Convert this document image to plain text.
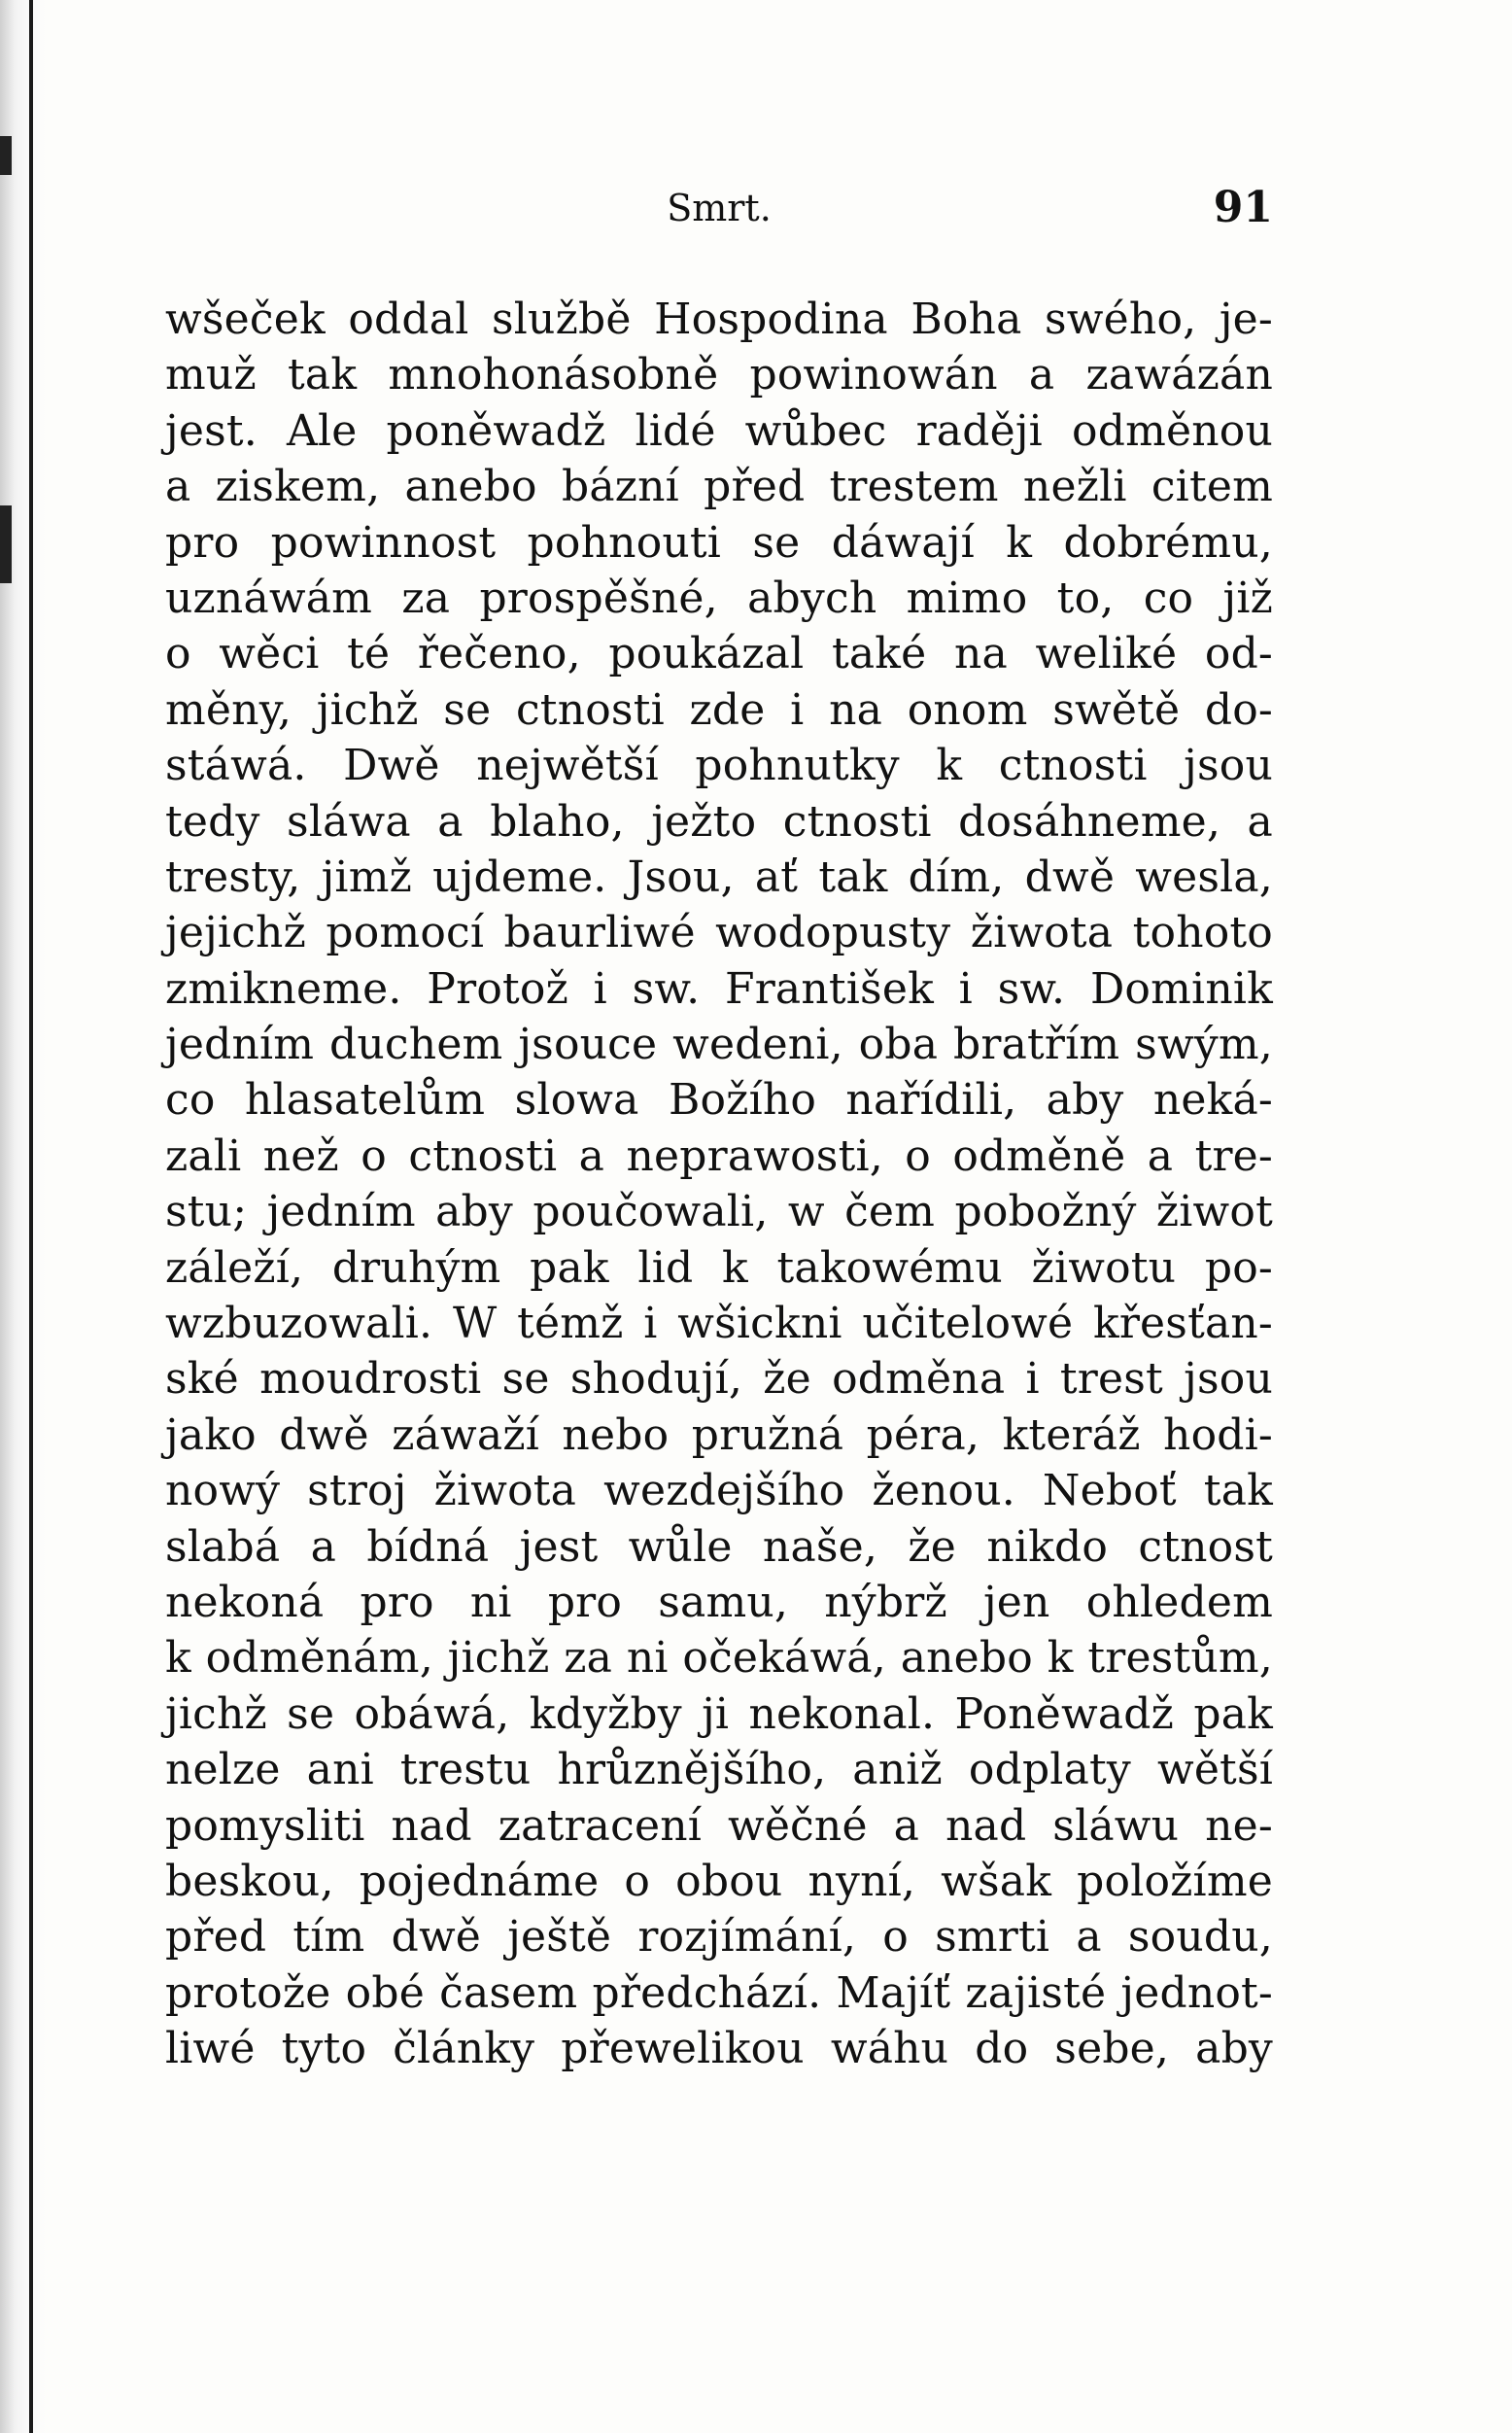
Smrt.	91
wšeček oddal službě Hospodina Boha swého, je-
muž tak mnohonásobně powinowán a zawázán
jest. Ale poněwadž lidé wůbec raději odměnou
a ziskem, anebo bázní před trestem nežli citem
pro powinnost pohnouti se dáwají k dobrému,
uznáwám za prospěšné, abych mimo to, co již
o wěci té řečeno, poukázal také na weliké od-
měny, jichž se ctnosti zde i na onom swětě do-
stáwá. Dwě nejwětší pohnutky k ctnosti jsou
tedy sláwa a blaho, ježto ctnosti dosáhneme, a
tresty, jimž ujdeme. Jsou, ať tak dím, dwě wesla,
jejichž pomocí baurliwé wodopusty žiwota tohoto
zmikneme. Protož i sw. František i sw. Dominik
jedním duchem jsouce wedeni, oba bratřím swým,
co hlasatelům slowa Božího nařídili, aby neká-
zali než o ctnosti a neprawosti, o odměně a tre-
stu; jedním aby poučowali, w čem pobožný žiwot
záleží, druhým pak lid k takowému žiwotu po-
wzbuzowali. W témž i wšickni učitelowé křesťan-
ské moudrosti se shodují, že odměna i trest jsou
jako dwě záwaží nebo pružná péra, kteráž hodi-
nowý stroj žiwota wezdejšího ženou. Neboť tak
slabá a bídná jest wůle naše, že nikdo ctnost
nekoná pro ni pro samu, nýbrž jen ohledem
k odměnám, jichž za ni očekáwá, anebo k trestům,
jichž se obáwá, kdyžby ji nekonal. Poněwadž pak
nelze ani trestu hrůznějšího, aniž odplaty wětší
pomysliti nad zatracení wěčné a nad sláwu ne-
beskou, pojednáme o obou nyní, wšak položíme
před tím dwě ještě rozjímání, o smrti a soudu,
protože obé časem předchází. Majíť zajisté jednot-
liwé tyto články přewelikou wáhu do sebe, aby
